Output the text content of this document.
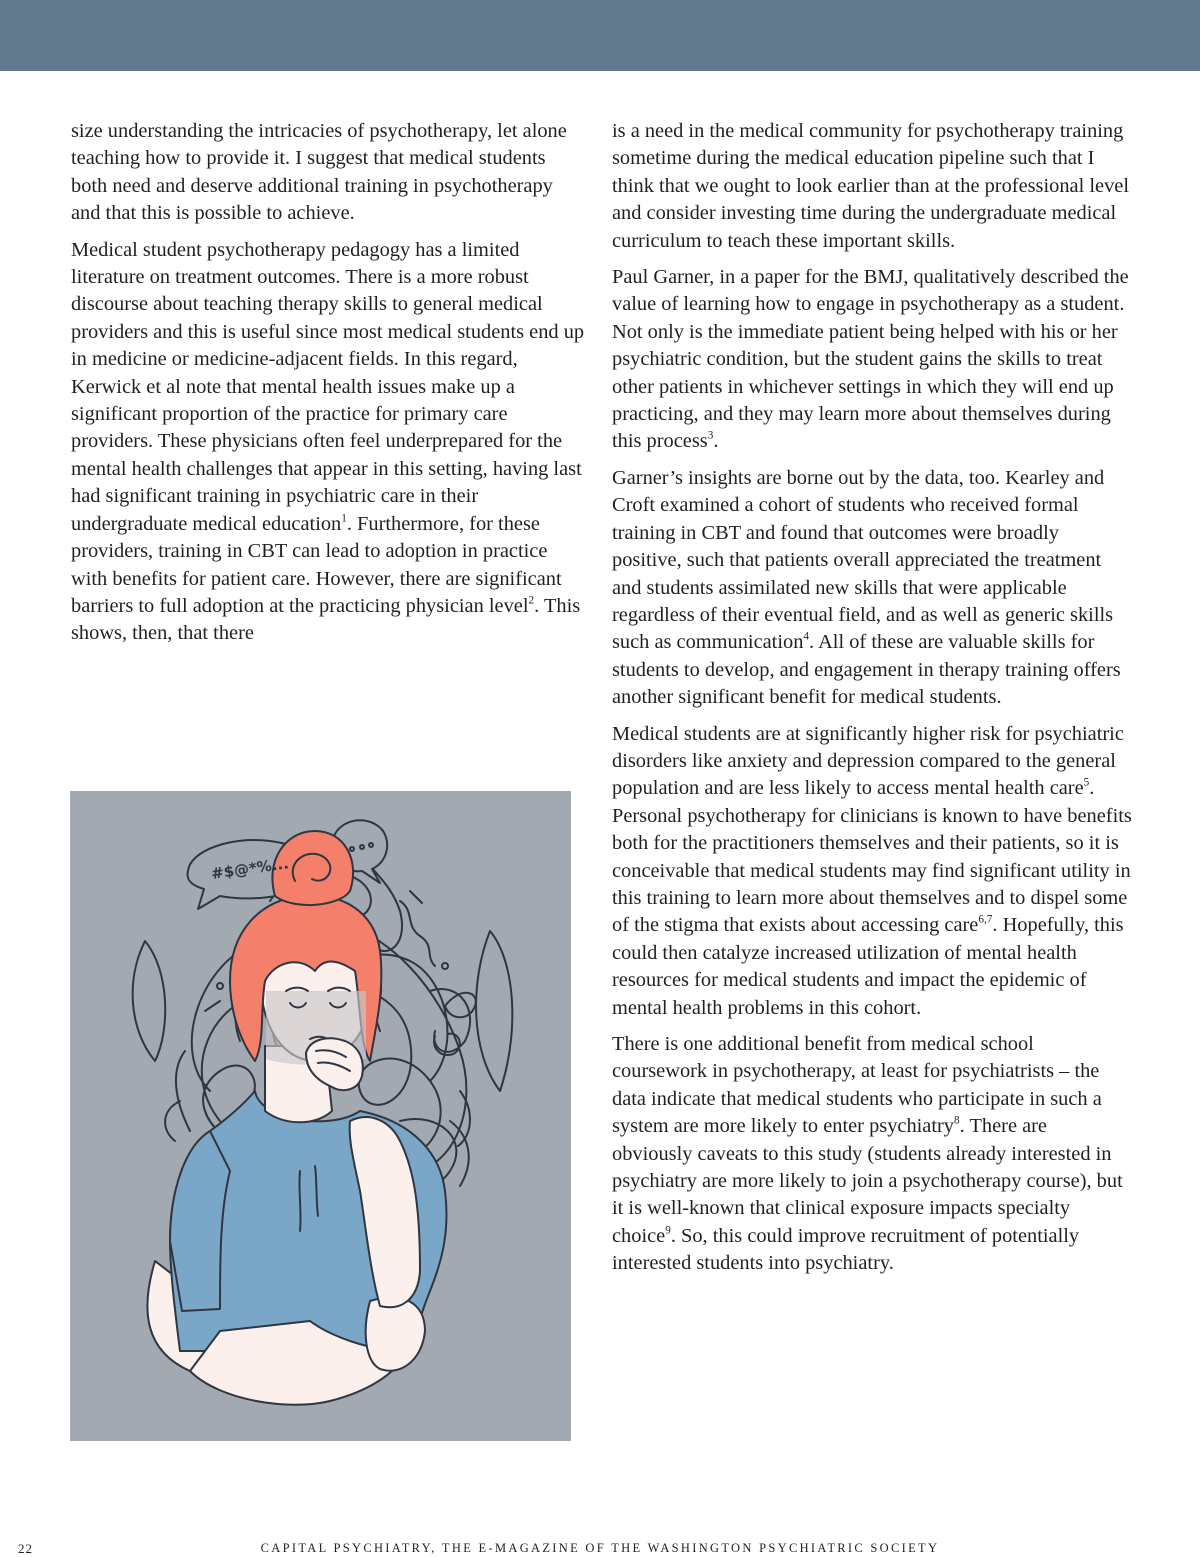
size understanding the intricacies of psychotherapy, let alone teaching how to provide it. I suggest that medical students both need and deserve additional training in psychotherapy and that this is possible to achieve.

Medical student psychotherapy pedagogy has a limited literature on treatment outcomes. There is a more robust discourse about teaching therapy skills to general medical providers and this is useful since most medical students end up in medicine or medicine-adjacent fields. In this regard, Kerwick et al note that mental health issues make up a significant proportion of the practice for primary care providers. These physicians often feel underprepared for the mental health challenges that appear in this setting, having last had significant training in psychiatric care in their undergraduate medical education$^1$. Furthermore, for these providers, training in CBT can lead to adoption in practice with benefits for patient care. However, there are significant barriers to full adoption at the practicing physician level$^2$. This shows, then, that there

#$@*%...

is a need in the medical community for psychotherapy training sometime during the medical education pipeline such that I think that we ought to look earlier than at the professional level and consider investing time during the undergraduate medical curriculum to teach these important skills.

Paul Garner, in a paper for the BMJ, qualitatively described the value of learning how to engage in psychotherapy as a student. Not only is the immediate patient being helped with his or her psychiatric condition, but the student gains the skills to treat other patients in whichever settings in which they will end up practicing, and they may learn more about themselves during this process$^3$.

Garner’s insights are borne out by the data, too. Kearley and Croft examined a cohort of students who received formal training in CBT and found that outcomes were broadly positive, such that patients overall appreciated the treatment and students assimilated new skills that were applicable regardless of their eventual field, and as well as generic skills such as communication$^4$. All of these are valuable skills for students to develop, and engagement in therapy training offers another significant benefit for medical students.

Medical students are at significantly higher risk for psychiatric disorders like anxiety and depression compared to the general population and are less likely to access mental health care$^5$. Personal psychotherapy for clinicians is known to have benefits both for the practitioners themselves and their patients, so it is conceivable that medical students may find significant utility in this training to learn more about themselves and to dispel some of the stigma that exists about accessing care$^{6,7}$. Hopefully, this could then catalyze increased utilization of mental health resources for medical students and impact the epidemic of mental health problems in this cohort.

There is one additional benefit from medical school coursework in psychotherapy, at least for psychiatrists – the data indicate that medical students who participate in such a system are more likely to enter psychiatry$^8$. There are obviously caveats to this study (students already interested in psychiatry are more likely to join a psychotherapy course), but it is well-known that clinical exposure impacts specialty choice$^9$. So, this could improve recruitment of potentially interested students into psychiatry.

22	CAPITAL PSYCHIATRY, THE E-MAGAZINE OF THE WASHINGTON PSYCHIATRIC SOCIETY
